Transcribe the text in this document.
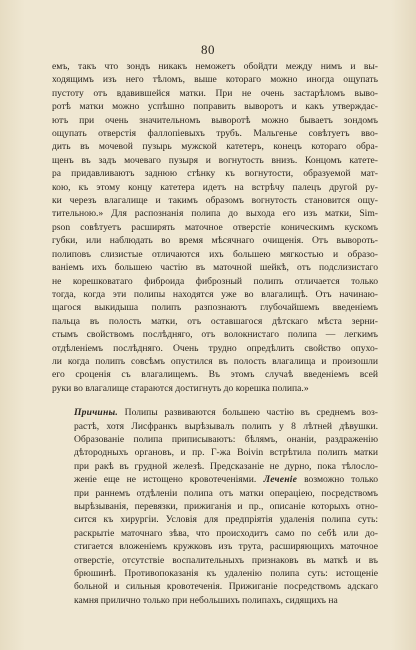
80

емъ, такъ что зондъ никакъ неможетъ обойдти между нимъ и вы-
ходящимъ изъ него тѣломъ, выше котораго можно иногда ощупать
пустоту отъ вдавившейся матки. При не очень застарѣломъ выво-
ротѣ матки можно успѣшно поправить выворотъ и какъ утверждає-
ютъ при очень значительномъ выворотѣ можно бываетъ зондомъ
ощупать отверстія фаллопіевыхъ трубъ. Мальгенье совѣтуетъ вво-
дить въ мочевой пузырь мужской катетеръ, конецъ котораго обра-
щенъ въ задъ мочеваго пузыря и вогнутость внизъ. Концомъ катете-
ра придавливаютъ заднюю стѣнку къ вогнутости, образуемой мат-
кою, къ этому концу катетера идетъ на встрѣчу палецъ другой ру-
ки черезъ влагалище и такимъ образомъ вогнутость становится ощу-
тительною.» Для распознанія полипа до выхода его изъ матки, Sim-
pson совѣтуетъ расширять маточное отверстіе коническимъ кускомъ
губки, или наблюдать во время мѣсячнаго очищенія. Отъ вывороть-
полиповъ слизистые отличаются ихъ большею мягкостью и образо-
ваніемъ ихъ большею частію въ маточной шейкѣ, отъ подслизистаго
не корешковатаго фиброида фиброзный полипъ отличается только
тогда, когда эти полипы находятся уже во влагалищѣ. Отъ начинаю-
щагося выкидыша полипъ разпознаютъ глубочайшемъ введеніемъ
пальца въ полость матки, отъ оставшагося дѣтскаго мѣста зерни-
стымъ свойствомъ послѣдняго, отъ волокнистаго полипа — легкимъ
отдѣленіемъ послѣдняго. Очень трудно опредѣлить свойство опухо-
ли когда полипъ совсѣмъ опустился въ полость влагалища и произошли
его сроценія съ влагалищемъ. Въ этомъ случаѣ введеніемъ всей
руки во влагалище стараются достигнуть до корешка полипа.»

Причины. Полипы развиваются большею частію въ среднемъ воз-
растѣ, хотя Лисфранкъ вырѣзывалъ полипъ у 8 лѣтней дѣвушки.
Образованіе полипа приписываютъ: бѣлямъ, онаніи, раздраженію
дѣтородныхъ органовъ, и пр. Г-жа Boivin встрѣтила полипъ матки
при ракѣ въ грудной железѣ. Предсказаніе не дурно, пока тѣлосло-
женіе еще не истощено кровотеченіями. Леченіе возможно только
при раннемъ отдѣленіи полипа отъ матки операціею, посредствомъ
вырѣзыванія, перевязки, прижиганія и пр., описаніе которыхъ отно-
сится къ хирургіи. Условія для предпріятія удаленія полипа суть:
раскрытіе маточнаго зѣва, что происходитъ само по себѣ или до-
стигается вложеніемъ кружковъ изъ трута, расширяющихъ маточное
отверстіе, отсутствіе воспалительныхъ признаковъ въ маткѣ и въ
брюшинѣ. Противопоказанія къ удаленію полипа суть: истощеніе
больной и сильныя кровотеченія. Прижиганіе посредствомъ адскаго
камня прилично только при небольшихъ полипахъ, сидящихъ на
